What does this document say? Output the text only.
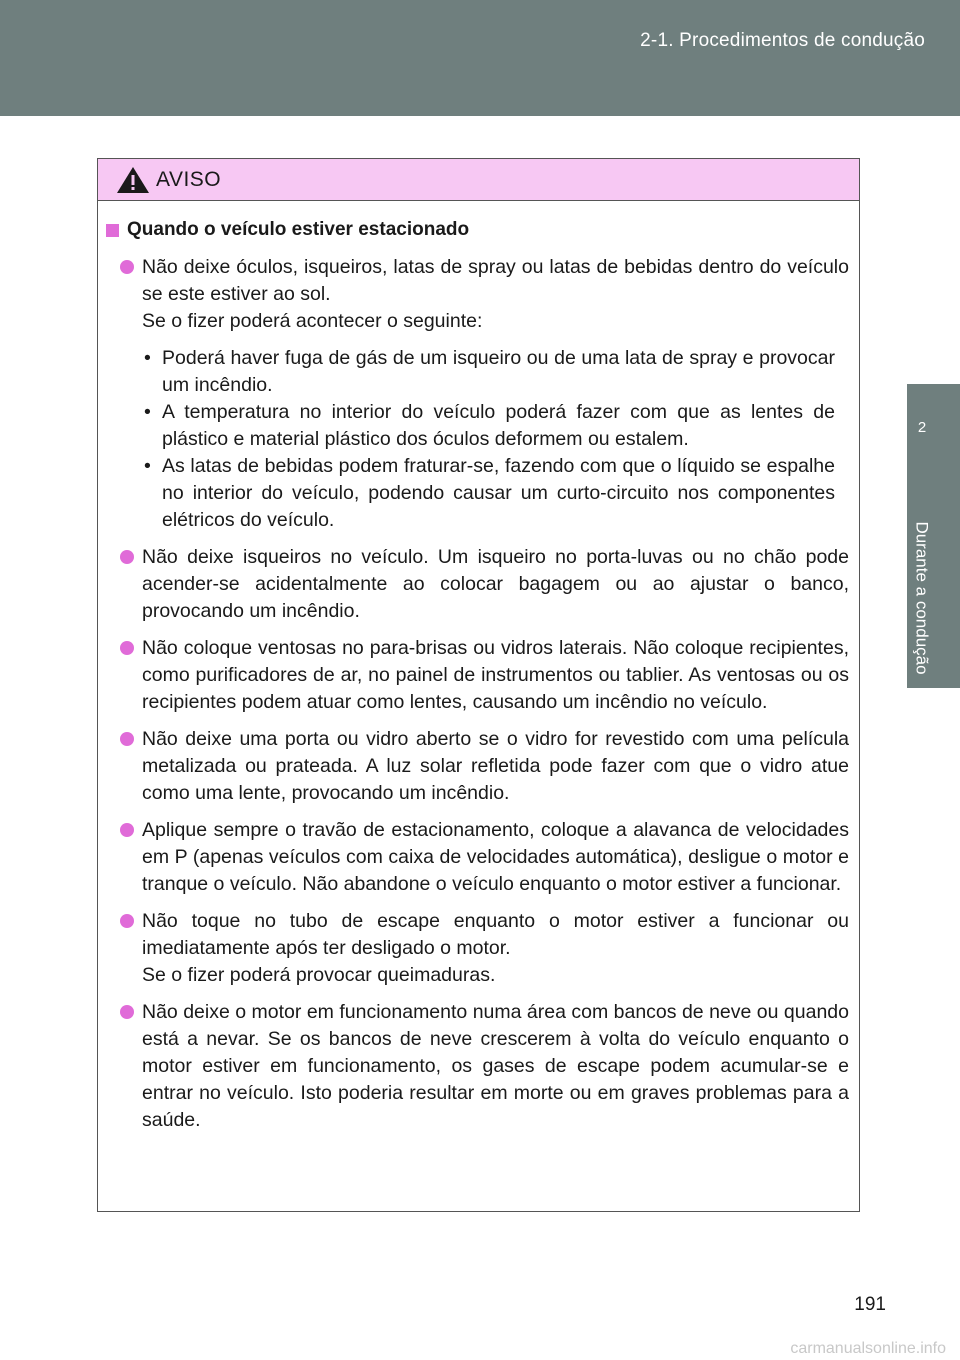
2-1. Procedimentos de condução
2
Durante a condução
AVISO
Quando o veículo estiver estacionado

Não deixe óculos, isqueiros, latas de spray ou latas de bebidas dentro do veículo se este estiver ao sol.

Se o fizer poderá acontecer o seguinte:

• Poderá haver fuga de gás de um isqueiro ou de uma lata de spray e provocar um incêndio.
• A temperatura no interior do veículo poderá fazer com que as lentes de plástico e material plástico dos óculos deformem ou estalem.
• As latas de bebidas podem fraturar-se, fazendo com que o líquido se espalhe no interior do veículo, podendo causar um curto-circuito nos componentes elétricos do veículo.

Não deixe isqueiros no veículo. Um isqueiro no porta-luvas ou no chão pode acender-se acidentalmente ao colocar bagagem ou ao ajustar o banco, provocando um incêndio.

Não coloque ventosas no para-brisas ou vidros laterais. Não coloque recipientes, como purificadores de ar, no painel de instrumentos ou tablier. As ventosas ou os recipientes podem atuar como lentes, causando um incêndio no veículo.

Não deixe uma porta ou vidro aberto se o vidro for revestido com uma película metalizada ou prateada. A luz solar refletida pode fazer com que o vidro atue como uma lente, provocando um incêndio.

Aplique sempre o travão de estacionamento, coloque a alavanca de velocidades em P (apenas veículos com caixa de velocidades automática), desligue o motor e tranque o veículo. Não abandone o veículo enquanto o motor estiver a funcionar.

Não toque no tubo de escape enquanto o motor estiver a funcionar ou imediatamente após ter desligado o motor.

Se o fizer poderá provocar queimaduras.

Não deixe o motor em funcionamento numa área com bancos de neve ou quando está a nevar. Se os bancos de neve crescerem à volta do veículo enquanto o motor estiver em funcionamento, os gases de escape podem acumular-se e entrar no veículo. Isto poderia resultar em morte ou em graves problemas para a saúde.

191
carmanualsonline.info
